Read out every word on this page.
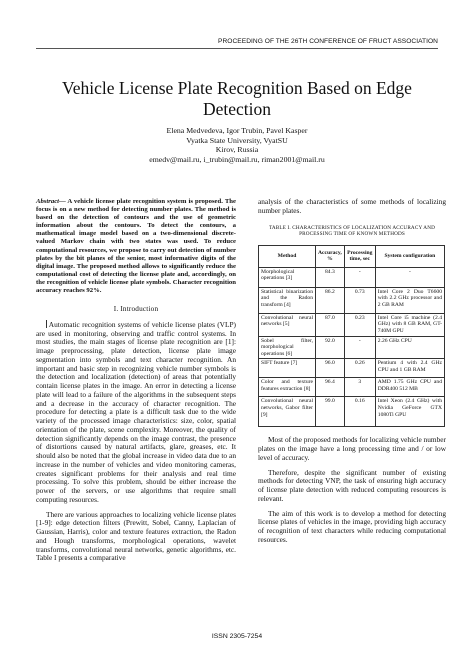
PROCEEDING OF THE 26TH CONFERENCE OF FRUCT ASSOCIATION
Vehicle License Plate Recognition Based on Edge
Detection
Elena Medvedeva, Igor Trubin, Pavel Kasper
Vyatka State University, VyatSU
Kirov, Russia
emedv@mail.ru, i_trubin@mail.ru, riman2001@mail.ru
Abstract— A vehicle license plate recognition system is proposed. The focus is on a new method for detecting number plates. The method is based on the detection of contours and the use of geometric information about the contours. To detect the contours, a mathematical image model based on a two-dimensional discrete-valued Markov chain with two states was used. To reduce computational resources, we propose to carry out detection of number plates by the bit planes of the senior, most informative digits of the digital image. The proposed method allows to significantly reduce the computational cost of detecting the license plate and, accordingly, on the recognition of vehicle license plate symbols. Character recognition accuracy reaches 92%.
I. Introduction

Automatic recognition systems of vehicle license plates (VLP) are used in monitoring, observing and traffic control systems. In most studies, the main stages of license plate recognition are [1]: image preprocessing, plate detection, license plate image segmentation into symbols and text character recognition. An important and basic step in recognizing vehicle number symbols is the detection and localization (detection) of areas that potentially contain license plates in the image. An error in detecting a license plate will lead to a failure of the algorithms in the subsequent steps and a decrease in the accuracy of character recognition. The procedure for detecting a plate is a difficult task due to the wide variety of the processed image characteristics: size, color, spatial orientation of the plate, scene complexity. Moreover, the quality of detection significantly depends on the image contrast, the presence of distortions caused by natural artifacts, glare, greases, etc. It should also be noted that the global increase in video data due to an increase in the number of vehicles and video monitoring cameras, creates significant problems for their analysis and real time processing. To solve this problem, should be either increase the power of the servers, or use algorithms that require small computing resources.

There are various approaches to localizing vehicle license plates [1-9]: edge detection filters (Prewitt, Sobel, Canny, Laplacian of Gaussian, Harris), color and texture features extraction, the Radon and Hough transforms, morphological operations, wavelet transforms, convolutional neural networks, genetic algorithms, etc. Table I presents a comparative

analysis of the characteristics of some methods of localizing number plates.

TABLE I. CHARACTERISTICS OF LOCALIZATION ACCURACY AND PROCESSING TIME OF KNOWN METHODS
Method	Accuracy, %	Processing time, sec	System configuration
Morphological operations [3]	84.3	-	-
Statistical binarization and the Radon transform [4]	86.2	0.73	Intel Core 2 Duo T6600 with 2.2 GHz processor and 2 GB RAM
Convolutional neural networks [5]	87.0	0.23	Intel Core i5 machine (2.4 GHz) with 8 GB RAM, GT-740M GPU
Sobel filter, morphological operations [6]	92.0	-	2.26 GHz CPU
SIFT feature [7]	96.0	0.26	Pentium 4 with 2.4 GHz CPU and 1 GB RAM
Color and texture features extraction [8]	96.4	3	AMD 1.75 GHz CPU and DDR400 512 MB
Convolutional neural networks, Gabor filter [9]	99.0	0.16	Intel Xeon (2.4 GHz) with Nvidia GeForce GTX 1080Ti GPU

Most of the proposed methods for localizing vehicle number plates on the image have a long processing time and / or low level of accuracy.

Therefore, despite the significant number of existing methods for detecting VNP, the task of ensuring high accuracy of license plate detection with reduced computing resources is relevant.

The aim of this work is to develop a method for detecting license plates of vehicles in the image, providing high accuracy of recognition of text characters while reducing computational resources.

ISSN 2305-7254
